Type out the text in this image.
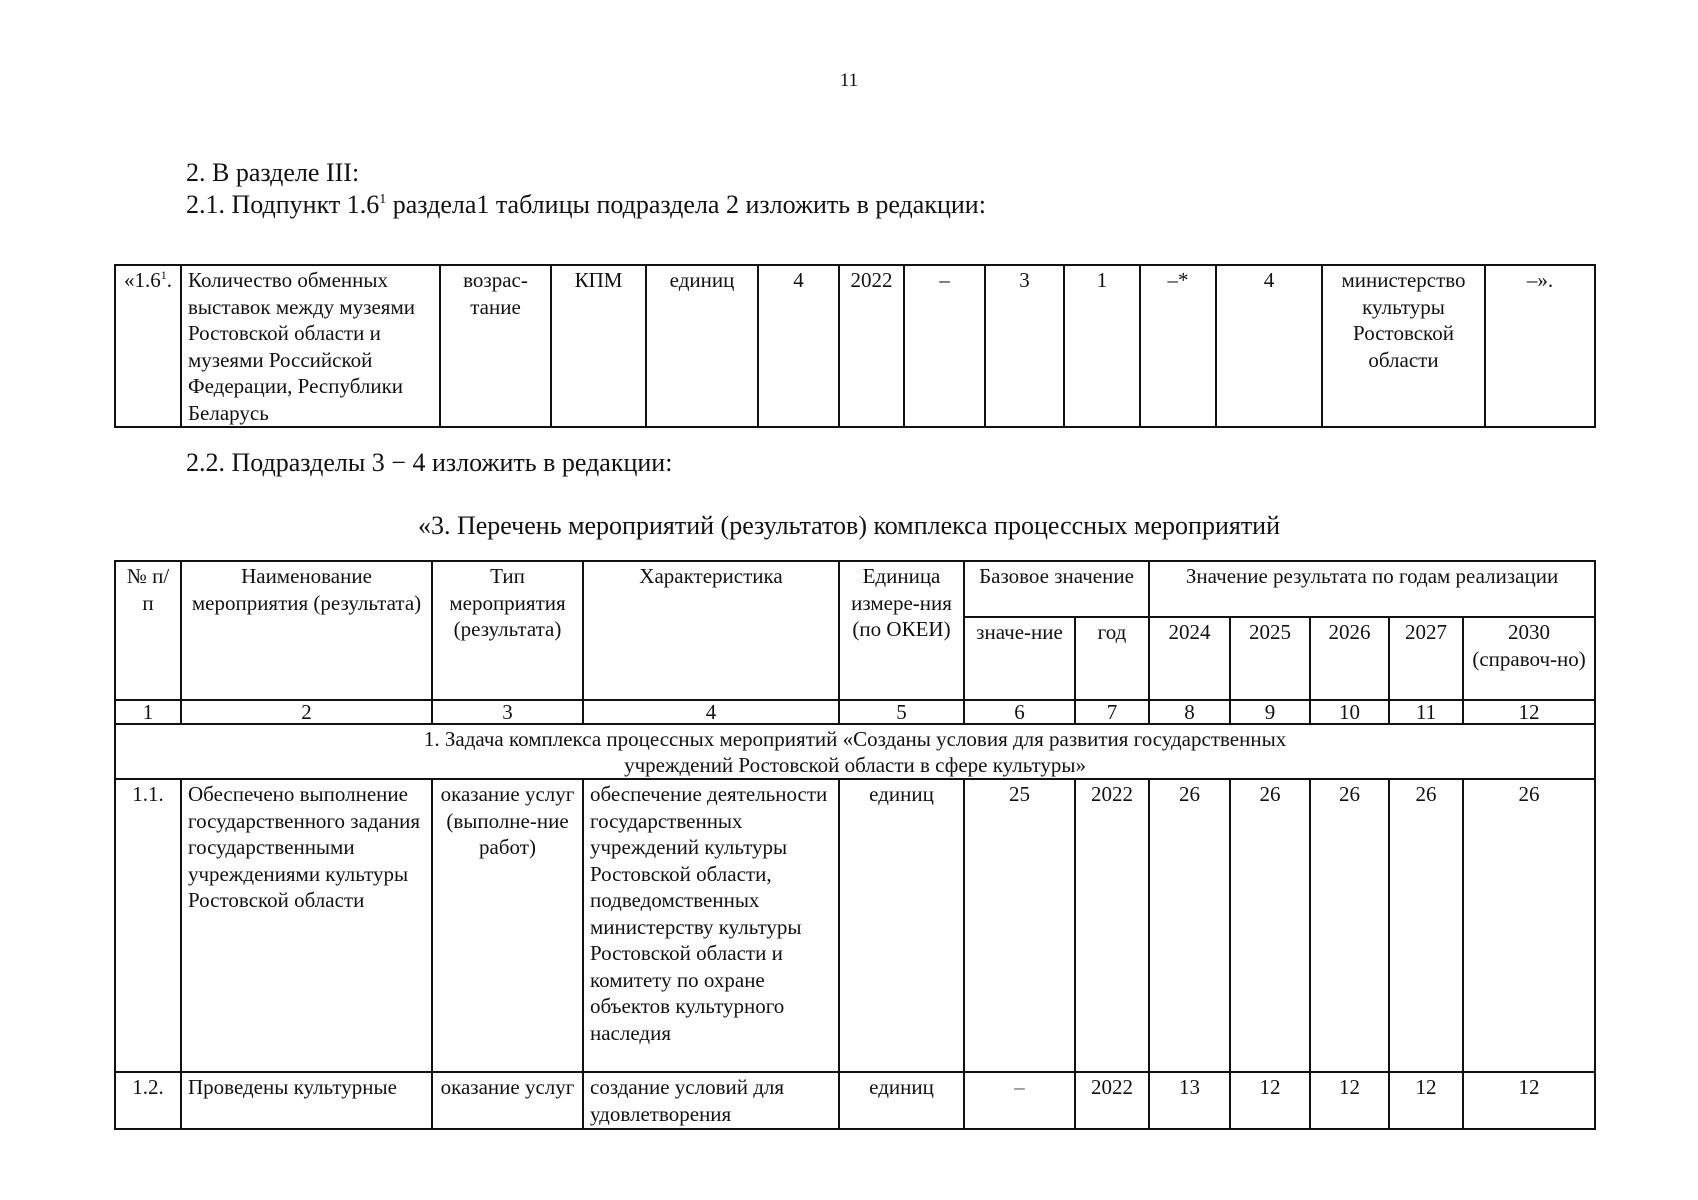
11
2. В разделе III:
2.1. Подпункт $1.6^1$ раздела1 таблицы подраздела 2 изложить в редакции:
«$1.6^1$.	Количество обменных выставок между музеями Ростовской области и музеями Российской Федерации, Республики Беларусь	возрас-тание	КПМ	единиц	4	2022	–	3	1	–*	4	министерство культуры Ростовской области	–».
2.2. Подразделы 3 − 4 изложить в редакции:
«3. Перечень мероприятий (результатов) комплекса процессных мероприятий
№ п/п	Наименование мероприятия (результата)	Тип мероприятия (результата)	Характеристика	Единица измере-ния (по ОКЕИ)	Базовое значение		Значение результата по годам реализации				
					значе-ние	год	2024	2025	2026	2027	2030 (справоч-но)
1	2	3	4	5	6	7	8	9	10	11	12
1. Задача комплекса процессных мероприятий «Созданы условия для развития государственных учреждений Ростовской области в сфере культуры»											
1.1.	Обеспечено выполнение государственного задания государственными учреждениями культуры Ростовской области	оказание услуг (выполне-ние работ)	обеспечение деятельности государственных учреждений культуры Ростовской области, подведомственных министерству культуры Ростовской области и комитету по охране объектов культурного наследия	единиц	25	2022	26	26	26	26	26
1.2.	Проведены культурные	оказание услуг	создание условий для удовлетворения	единиц	–	2022	13	12	12	12	12
